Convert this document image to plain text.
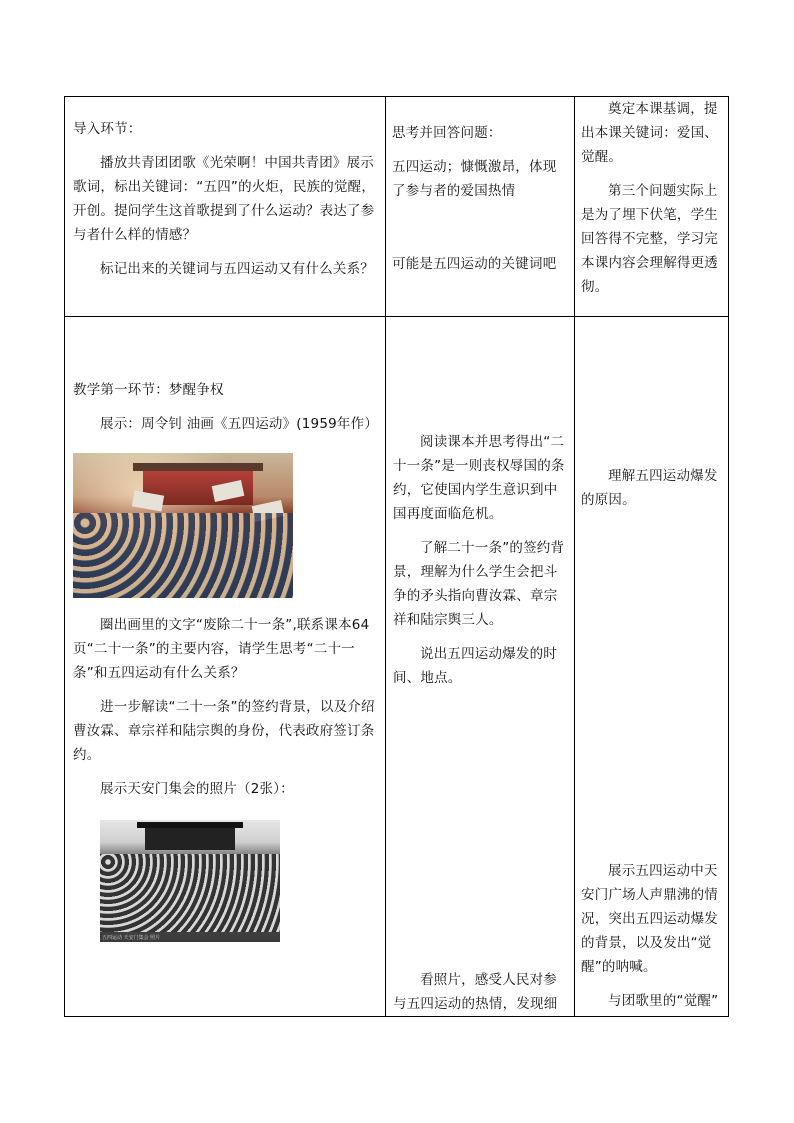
导入环节：

播放共青团团歌《光荣啊！中国共青团》展示歌词，标出关键词：“五四”的火炬，民族的觉醒，开创。提问学生这首歌提到了什么运动？表达了参与者什么样的情感？

标记出来的关键词与五四运动又有什么关系？

思考并回答问题：

五四运动；慷慨激昂，体现了参与者的爱国热情

可能是五四运动的关键词吧

奠定本课基调，提出本课关键词：爱国、觉醒。

第三个问题实际上是为了埋下伏笔，学生回答得不完整，学习完本课内容会理解得更透彻。

教学第一环节：梦醒争权

展示：周令钊 油画《五四运动》(1959年作）

圈出画里的文字“废除二十一条”,联系课本64页“二十一条”的主要内容，请学生思考“二十一条”和五四运动有什么关系？

进一步解读“二十一条”的签约背景，以及介绍曹汝霖、章宗祥和陆宗舆的身份，代表政府签订条约。

展示天安门集会的照片（2张）：

五四运动 天安门集会 照片

阅读课本并思考得出“二十一条”是一则丧权辱国的条约，它使国内学生意识到中国再度面临危机。

了解二十一条”的签约背景，理解为什么学生会把斗争的矛头指向曹汝霖、章宗祥和陆宗舆三人。

说出五四运动爆发的时间、地点。

看照片，感受人民对参与五四运动的热情，发现细

理解五四运动爆发的原因。

展示五四运动中天安门广场人声鼎沸的情况，突出五四运动爆发的背景，以及发出“觉醒”的呐喊。

与团歌里的“觉醒”
